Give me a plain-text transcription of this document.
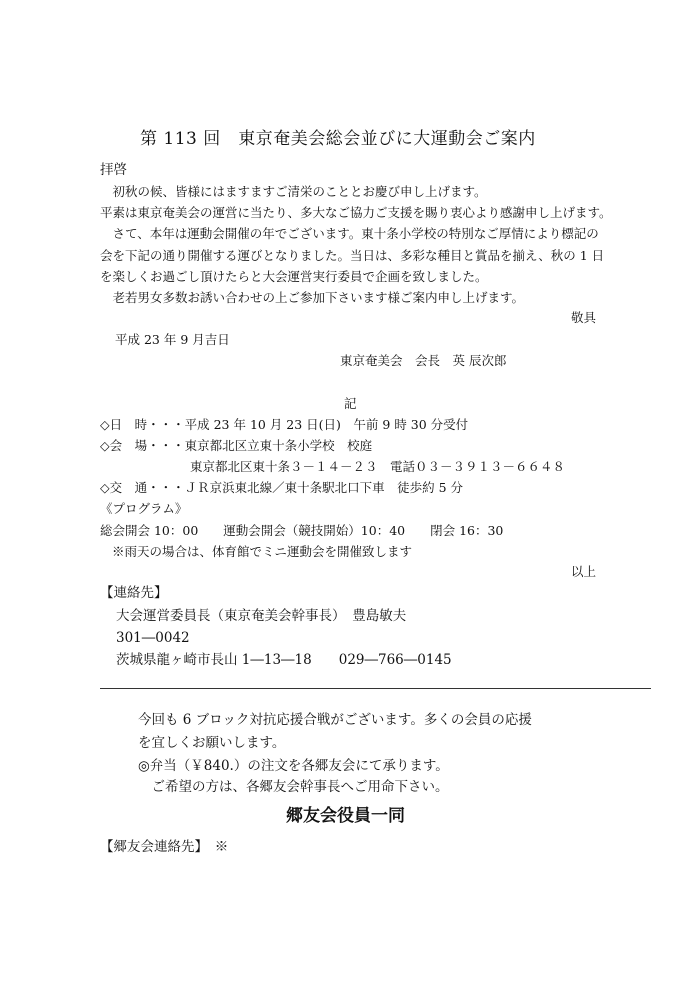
第 113 回　東京奄美会総会並びに大運動会ご案内
拝啓
　初秋の候、皆様にはますますご清栄のこととお慶び申し上げます。
平素は東京奄美会の運営に当たり、多大なご協力ご支援を賜り衷心より感謝申し上げます。
　さて、本年は運動会開催の年でございます。東十条小学校の特別なご厚情により標記の
会を下記の通り開催する運びとなりました。当日は、多彩な種目と賞品を揃え、秋の 1 日
を楽しくお過ごし頂けたらと大会運営実行委員で企画を致しました。
　老若男女多数お誘い合わせの上ご参加下さいます様ご案内申し上げます。
敬具
平成 23 年 9 月吉日
東京奄美会　会長　英 辰次郎
記
◇日　時・・・平成 23 年 10 月 23 日(日)　午前 9 時 30 分受付
◇会　場・・・東京都北区立東十条小学校　校庭
東京都北区東十条３－１４－２３　電話０３－３９１３－６６４８
◇交　通・・・ＪＲ京浜東北線／東十条駅北口下車　徒歩約 5 分
《プログラム》
総会開会 10：00　　運動会開会（競技開始）10：40　　閉会 16：30
※雨天の場合は、体育館でミニ運動会を開催致します
以上
【連絡先】
大会運営委員長（東京奄美会幹事長）　豊島敏夫
301―0042
茨城県龍ヶ崎市長山 1―13―18　　029―766―0145
今回も 6 ブロック対抗応援合戦がございます。多くの会員の応援
を宜しくお願いします。
◎弁当（￥840.）の注文を各郷友会にて承ります。
　ご希望の方は、各郷友会幹事長へご用命下さい。
郷友会役員一同
【郷友会連絡先】　※
